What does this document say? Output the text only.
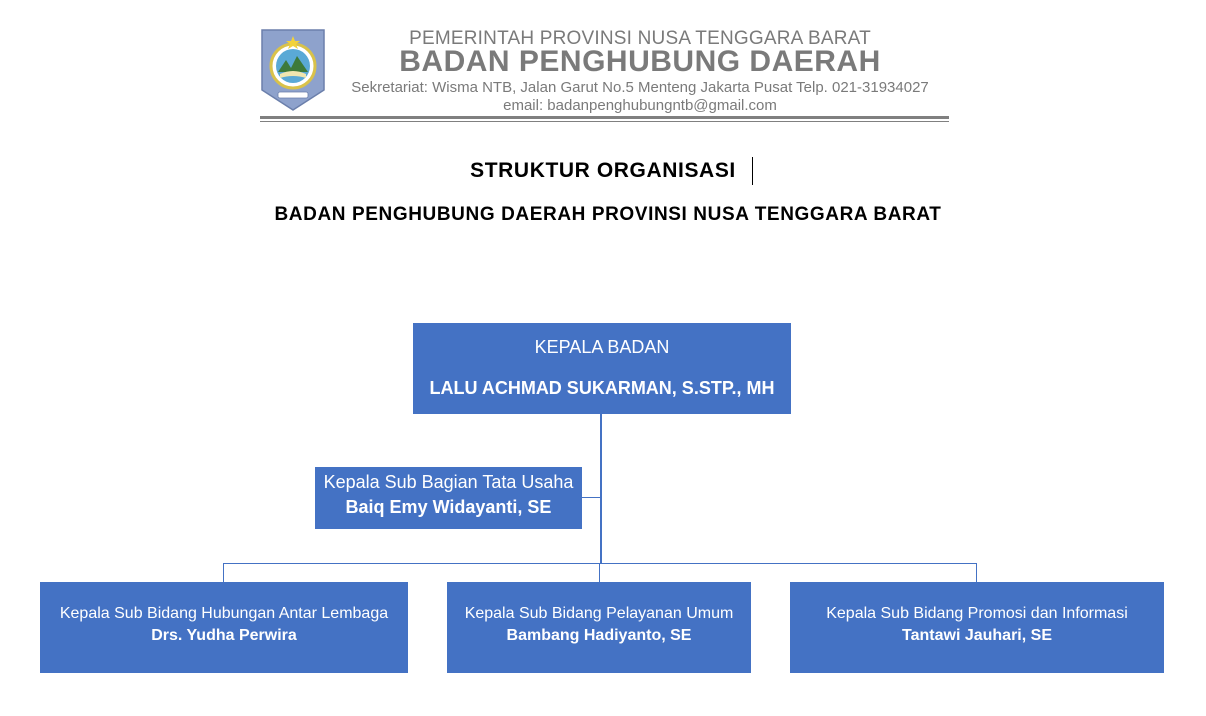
PEMERINTAH PROVINSI NUSA TENGGARA BARAT
BADAN PENGHUBUNG DAERAH
Sekretariat: Wisma NTB, Jalan Garut No.5 Menteng Jakarta Pusat Telp. 021-31934027
email: badanpenghubungntb@gmail.com
STRUKTUR ORGANISASI
BADAN PENGHUBUNG DAERAH PROVINSI NUSA TENGGARA BARAT
KEPALA BADAN
LALU ACHMAD SUKARMAN, S.STP., MH
Kepala Sub Bagian Tata Usaha
Baiq Emy Widayanti, SE
Kepala Sub Bidang Hubungan Antar Lembaga
Drs. Yudha Perwira
Kepala Sub Bidang Pelayanan Umum
Bambang Hadiyanto, SE
Kepala Sub Bidang Promosi dan Informasi
Tantawi Jauhari, SE
